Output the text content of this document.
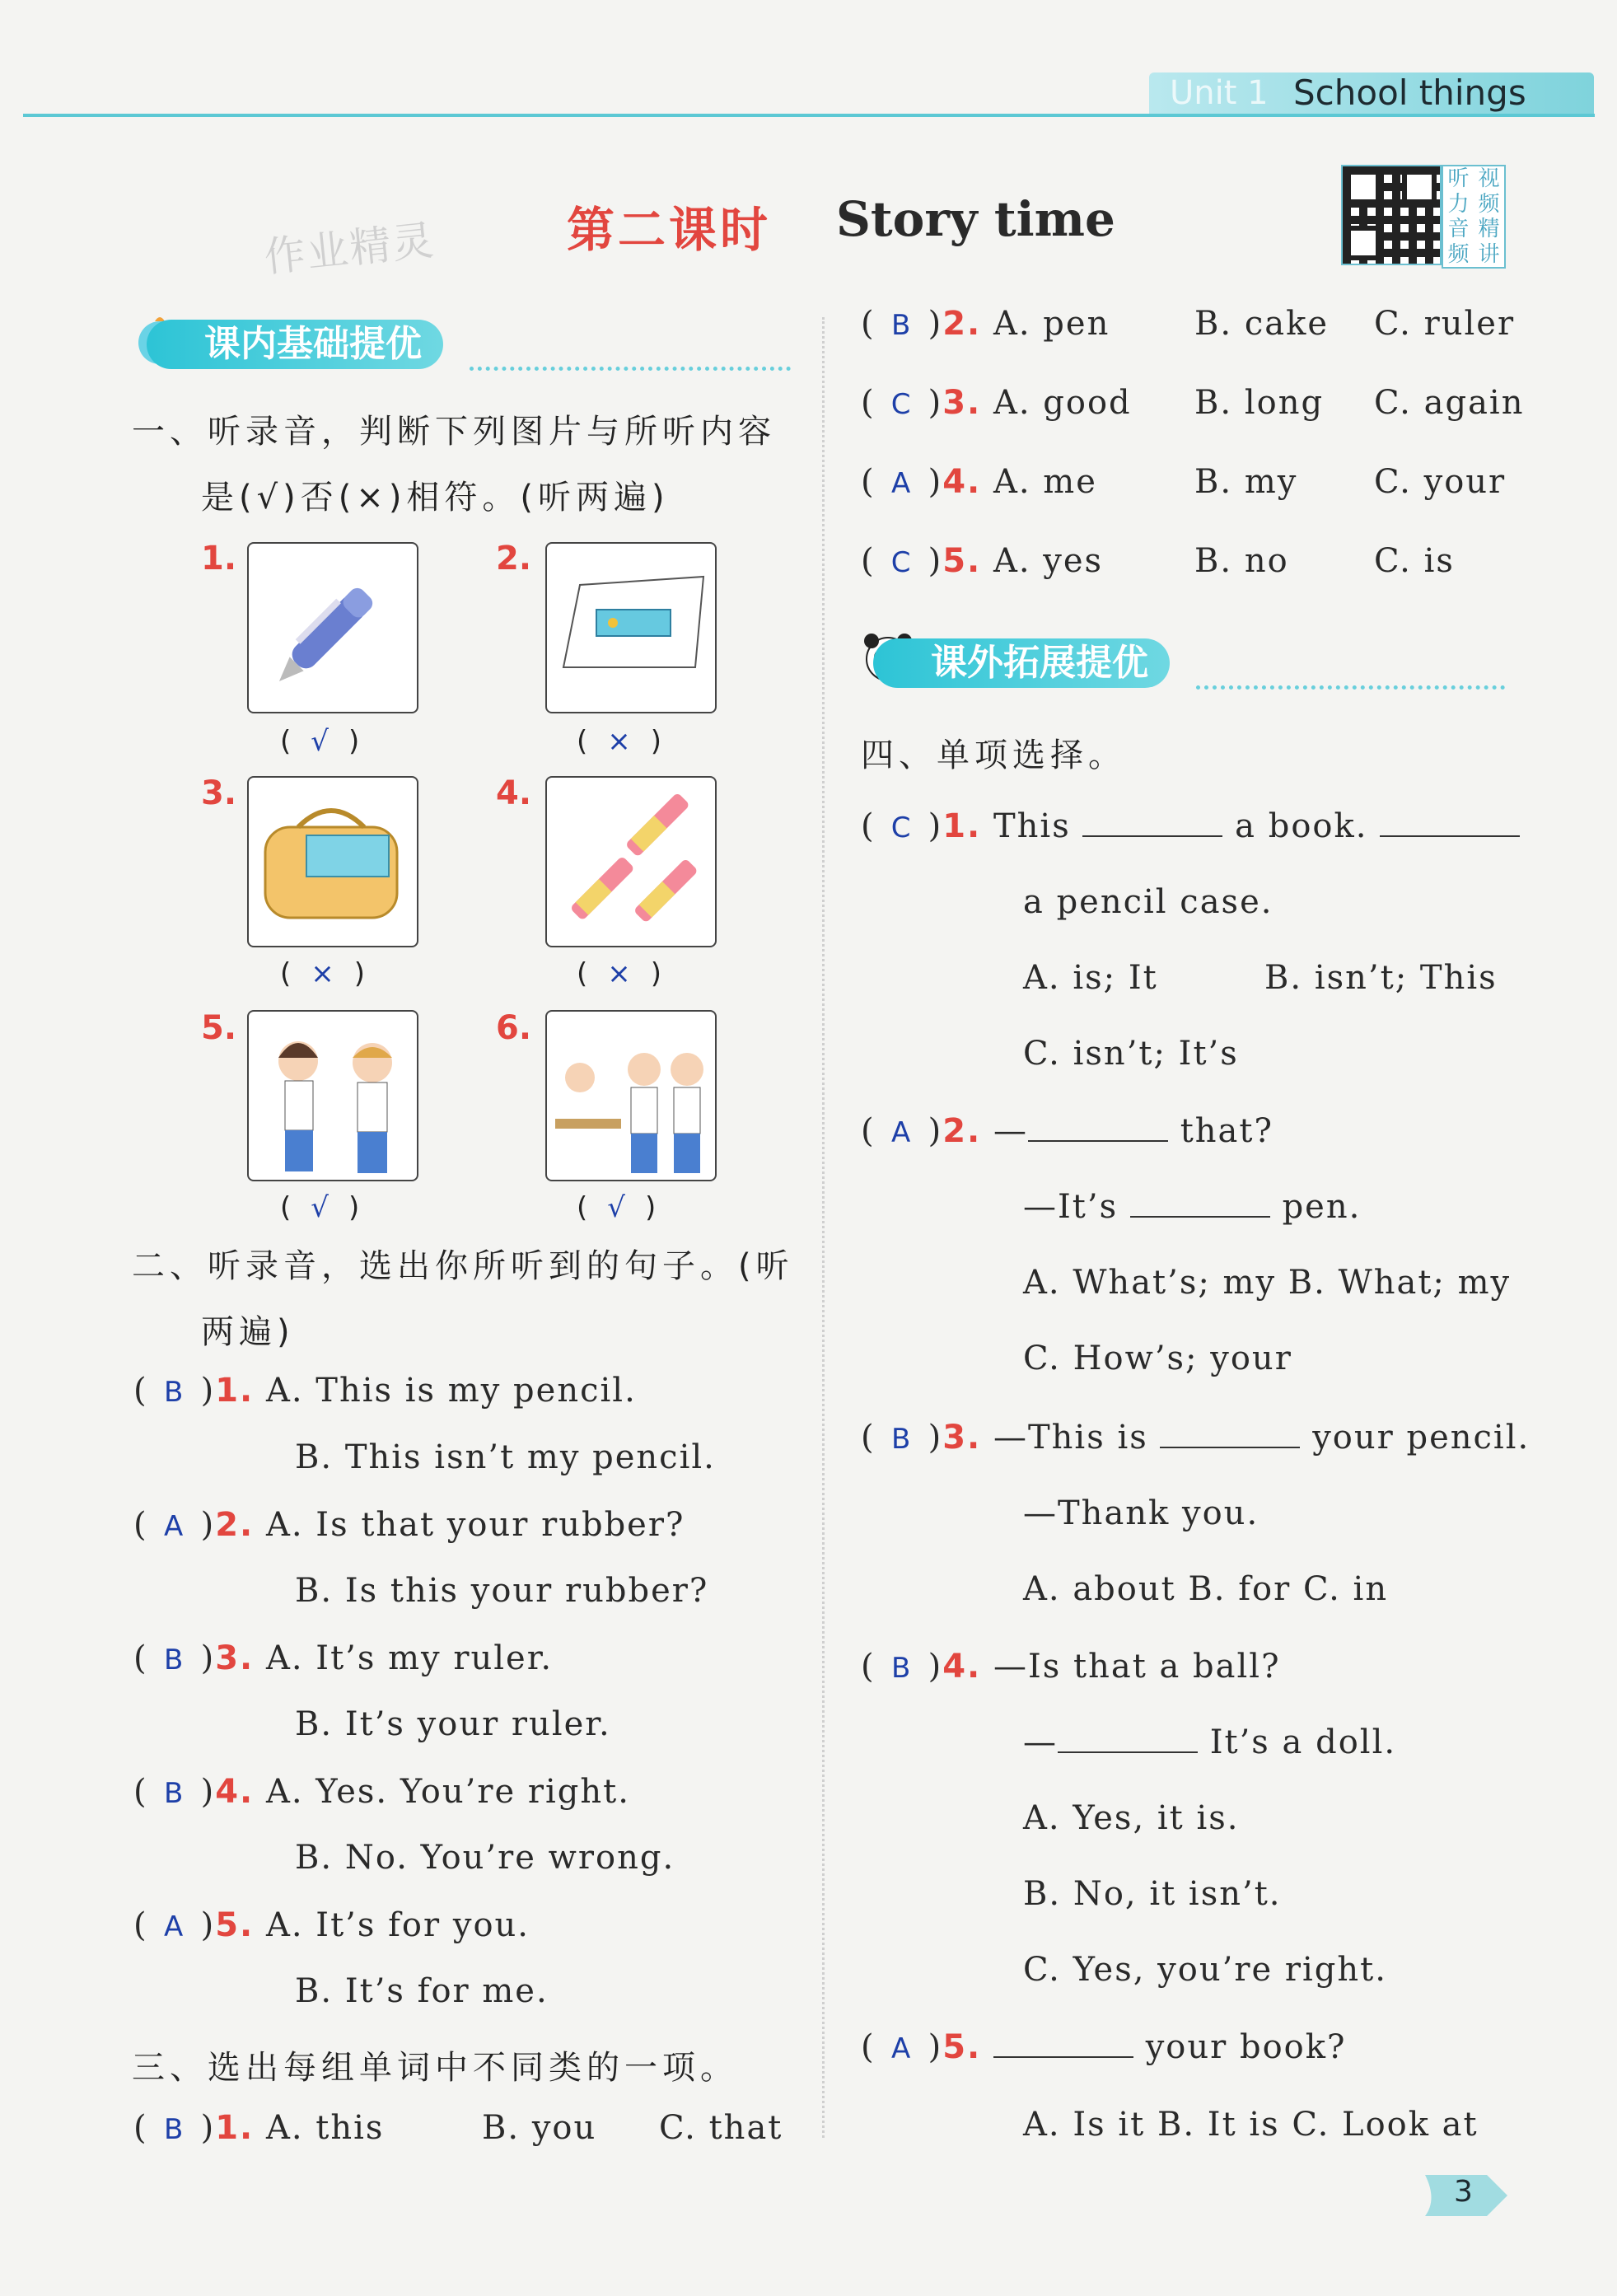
Unit 1 School things
作业精灵	第二课时 Story time
听 视
力 频
音 精
频 讲
课内基础提优
一、听录音，判断下列图片与所听内容
是(√)否(×)相符。(听两遍)
1.	2.
(√)	(×)
3.	4.
(×)	(×)
5.	6.
(√)	(√)
二、听录音，选出你所听到的句子。(听
两遍)
( B )1. A. This is my pencil.
B. This isn’t my pencil.
( A )2. A. Is that your rubber?
B. Is this your rubber?
( B )3. A. It’s my ruler.
B. It’s your ruler.
( B )4. A. Yes. You’re right.
B. No. You’re wrong.
( A )5. A. It’s for you.
B. It’s for me.
三、选出每组单词中不同类的一项。
( B )1. A. this	B. you C. that
( B )2. A. pen	B. cake C. ruler
( C )3. A. good B. long C. again
( A )4. A. me	B. my C. your
( C )5. A. yes	B. no	C. is
课外拓展提优
四、单项选择。
( C )1. This	a book.
a pencil case.
A. is; It	B. isn’t; This
C. isn’t; It’s
( A )2. —	that?
—It’s	pen.
A. What’s; my B. What; my
C. How’s; your
( B )3. —This is	your pencil.
—Thank you.
A. about B. for C. in
( B )4. —Is that a ball?
—	It’s a doll.
A. Yes, it is.
B. No, it isn’t.
C. Yes, you’re right.
( A )5.	your book?
A. Is it B. It is C. Look at
3
